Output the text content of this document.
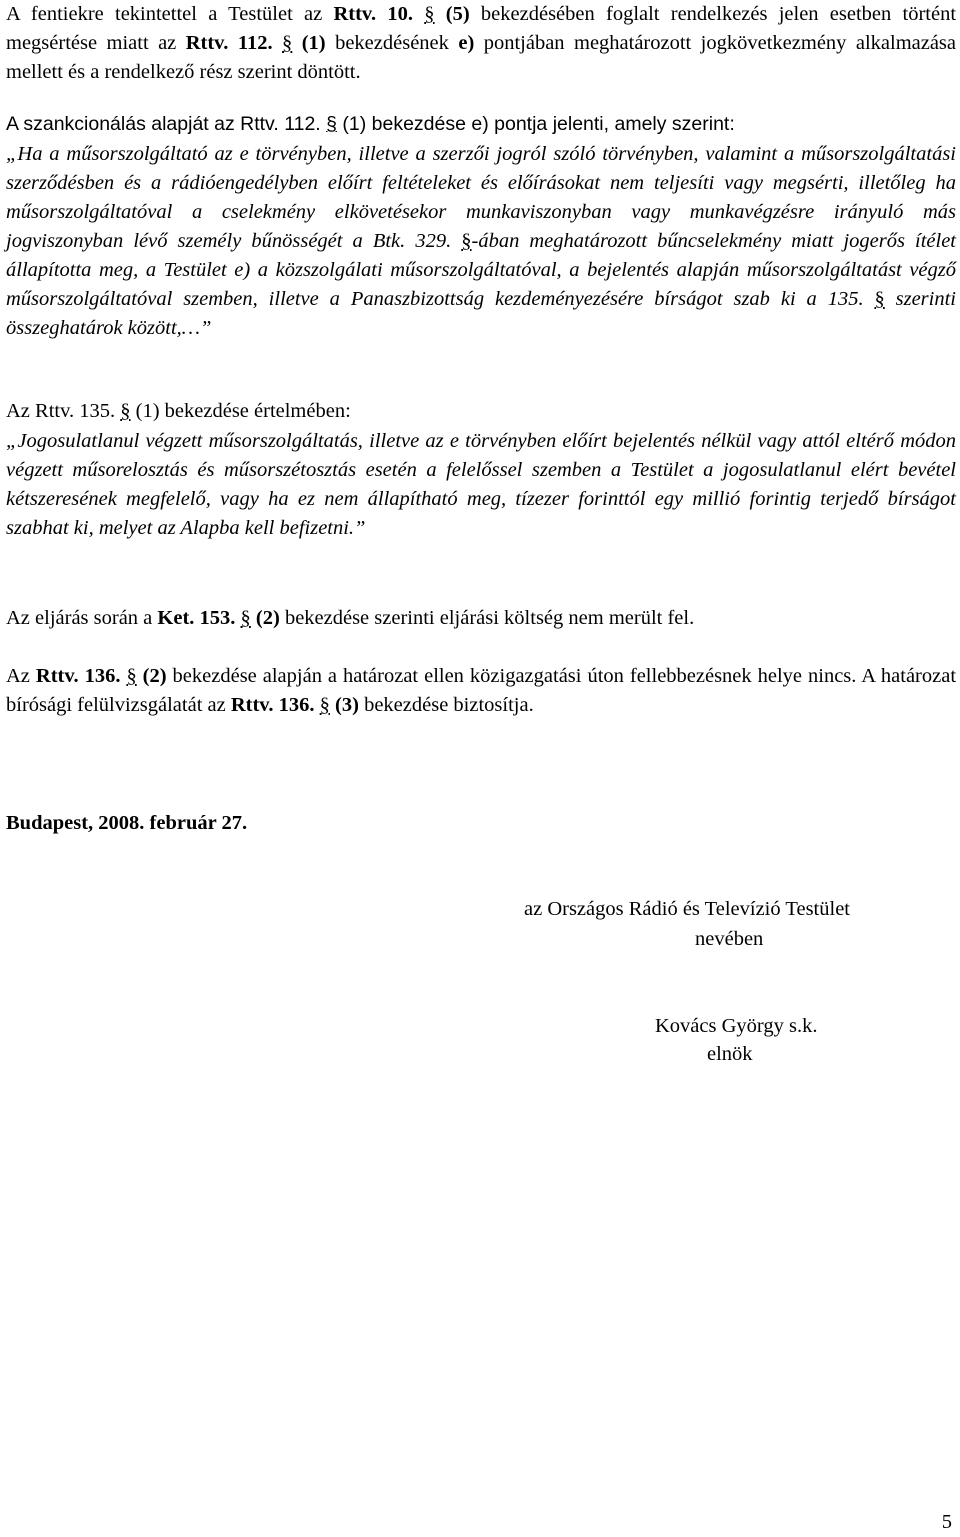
A fentiekre tekintettel a Testület az Rttv. 10. § (5) bekezdésében foglalt rendelkezés jelen esetben történt megsértése miatt az Rttv. 112. § (1) bekezdésének e) pontjában meghatározott jogkövetkezmény alkalmazása mellett és a rendelkező rész szerint döntött.

A szankcionálás alapját az Rttv. 112. § (1) bekezdése e) pontja jelenti, amely szerint:

„Ha a műsorszolgáltató az e törvényben, illetve a szerzői jogról szóló törvényben, valamint a műsorszolgáltatási szerződésben és a rádióengedélyben előírt feltételeket és előírásokat nem teljesíti vagy megsérti, illetőleg ha műsorszolgáltatóval a cselekmény elkövetésekor munkaviszonyban vagy munkavégzésre irányuló más jogviszonyban lévő személy bűnösségét a Btk. 329. §-ában meghatározott bűncselekmény miatt jogerős ítélet állapította meg, a Testület e) a közszolgálati műsorszolgáltatóval, a bejelentés alapján műsorszolgáltatást végző műsorszolgáltatóval szemben, illetve a Panaszbizottság kezdeményezésére bírságot szab ki a 135. § szerinti összeghatárok között,…”

Az Rttv. 135. § (1) bekezdése értelmében:

„Jogosulatlanul végzett műsorszolgáltatás, illetve az e törvényben előírt bejelentés nélkül vagy attól eltérő módon végzett műsorelosztás és műsorszétosztás esetén a felelőssel szemben a Testület a jogosulatlanul elért bevétel kétszeresének megfelelő, vagy ha ez nem állapítható meg, tízezer forinttól egy millió forintig terjedő bírságot szabhat ki, melyet az Alapba kell befizetni.”

Az eljárás során a Ket. 153. § (2) bekezdése szerinti eljárási költség nem merült fel.

Az Rttv. 136. § (2) bekezdése alapján a határozat ellen közigazgatási úton fellebbezésnek helye nincs. A határozat bírósági felülvizsgálatát az Rttv. 136. § (3) bekezdése biztosítja.

Budapest, 2008. február 27.

az Országos Rádió és Televízió Testület

nevében

Kovács György s.k.

elnök

5
